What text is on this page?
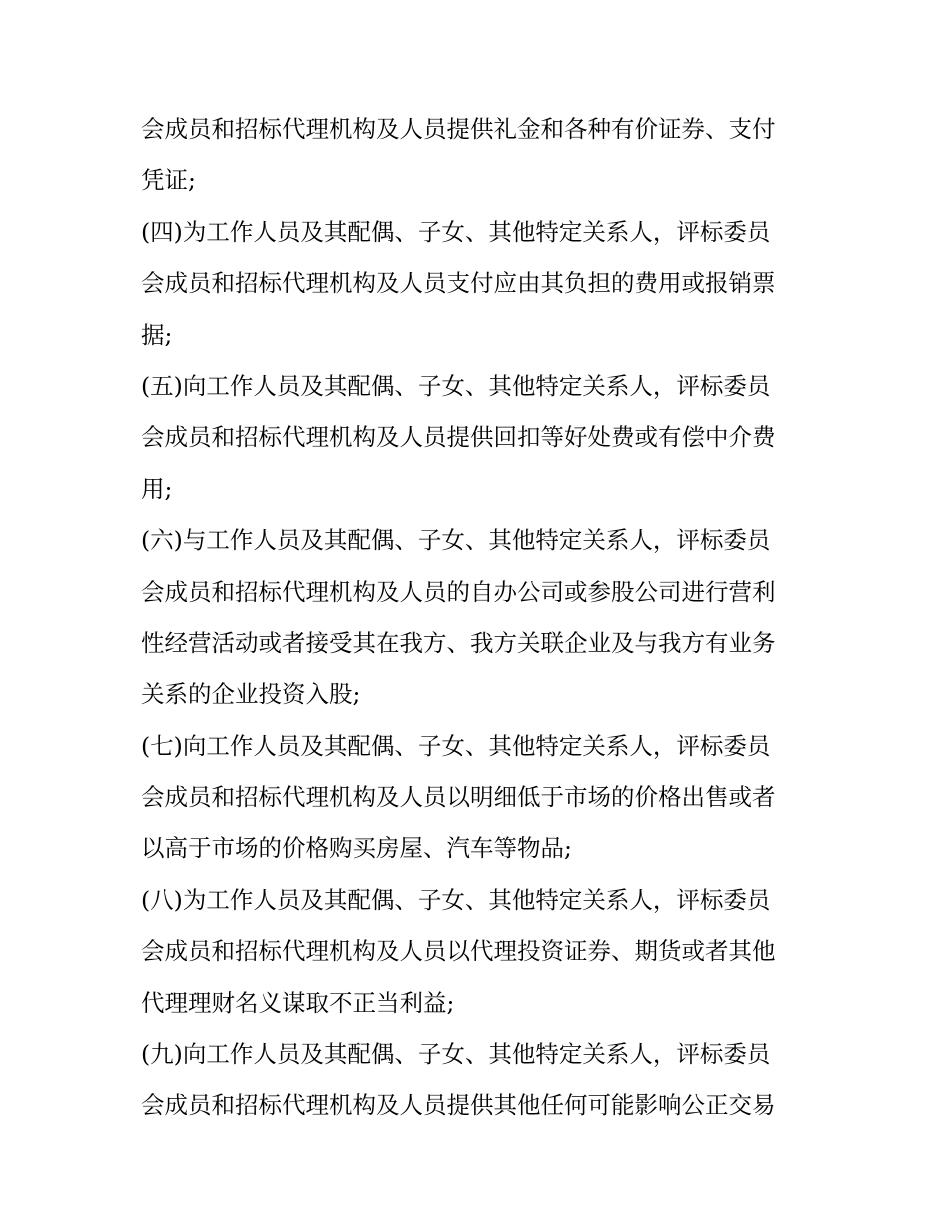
会成员和招标代理机构及人员提供礼金和各种有价证券、支付
凭证;

(四)为工作人员及其配偶、子女、其他特定关系人，评标委员
会成员和招标代理机构及人员支付应由其负担的费用或报销票
据;

(五)向工作人员及其配偶、子女、其他特定关系人，评标委员
会成员和招标代理机构及人员提供回扣等好处费或有偿中介费
用;

(六)与工作人员及其配偶、子女、其他特定关系人，评标委员
会成员和招标代理机构及人员的自办公司或参股公司进行营利
性经营活动或者接受其在我方、我方关联企业及与我方有业务
关系的企业投资入股;

(七)向工作人员及其配偶、子女、其他特定关系人，评标委员
会成员和招标代理机构及人员以明细低于市场的价格出售或者
以高于市场的价格购买房屋、汽车等物品;

(八)为工作人员及其配偶、子女、其他特定关系人，评标委员
会成员和招标代理机构及人员以代理投资证券、期货或者其他
代理理财名义谋取不正当利益;

(九)向工作人员及其配偶、子女、其他特定关系人，评标委员
会成员和招标代理机构及人员提供其他任何可能影响公正交易
